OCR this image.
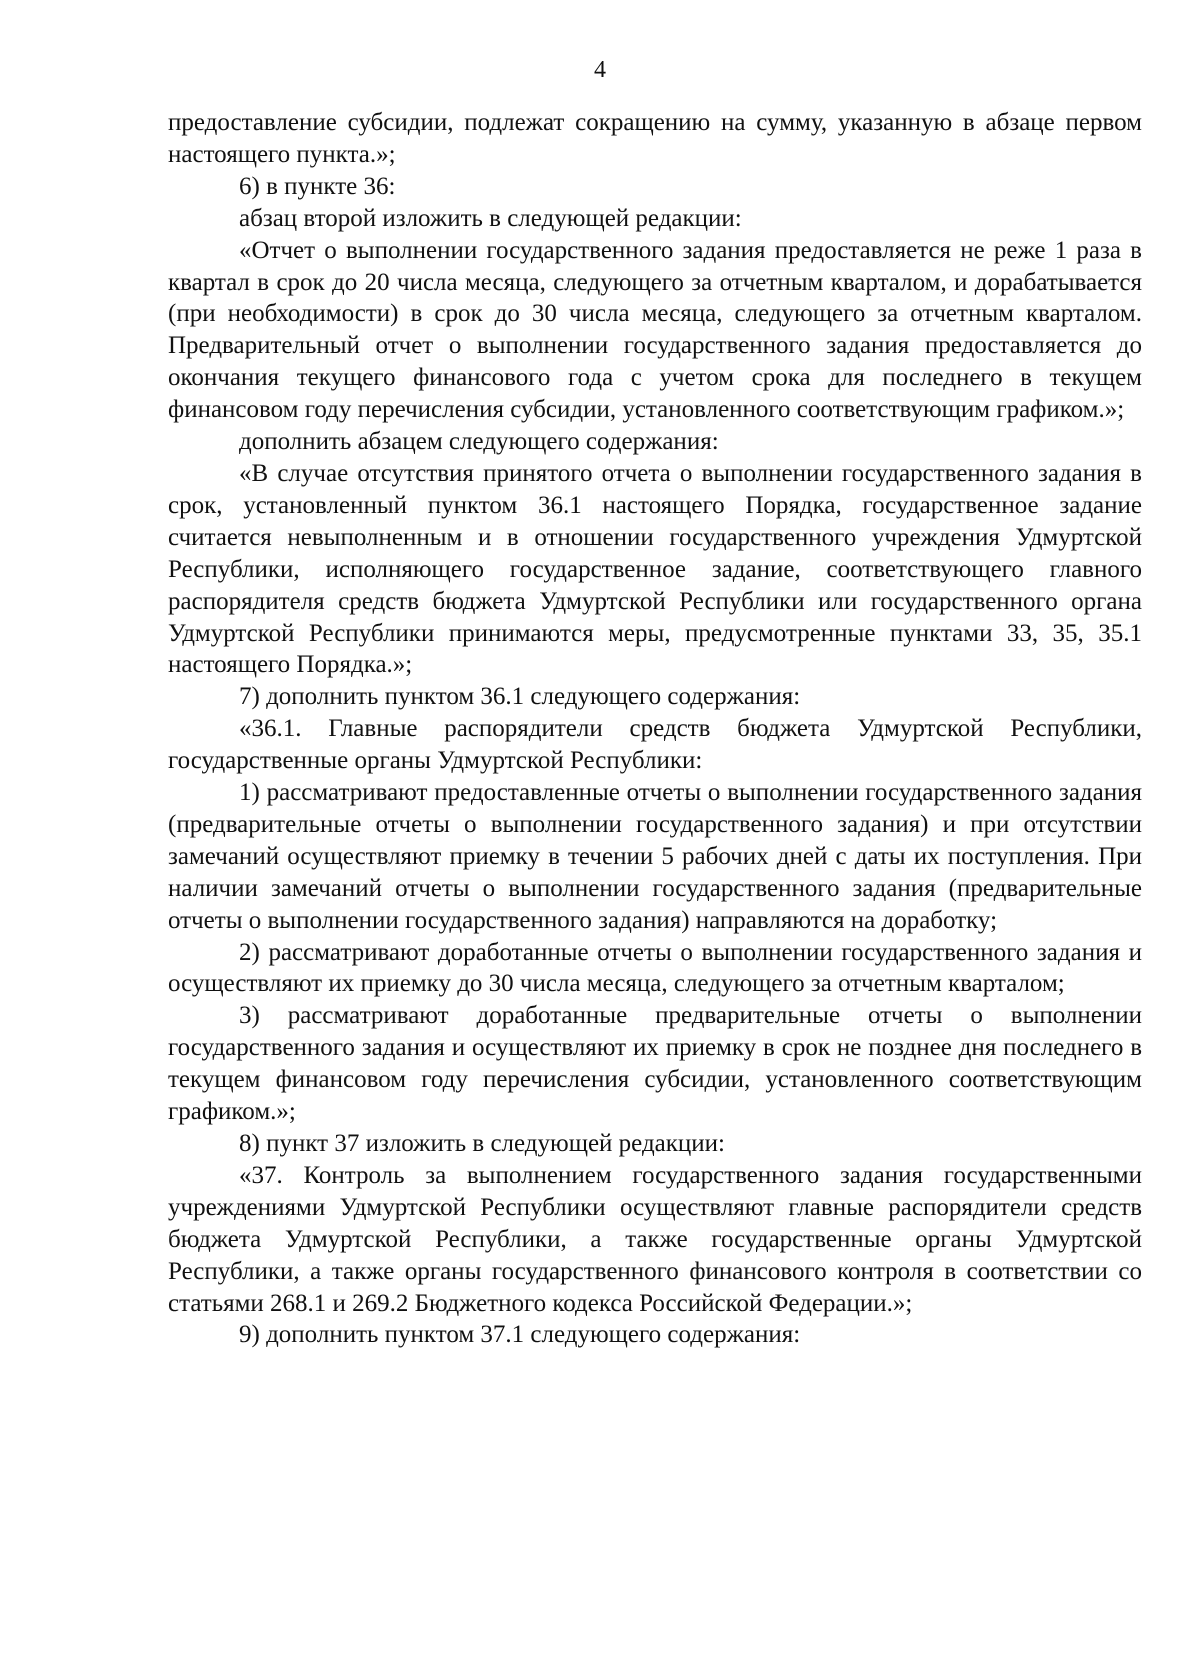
4

предоставление субсидии, подлежат сокращению на сумму, указанную в абзаце первом настоящего пункта.»;

6) в пункте 36:

абзац второй изложить в следующей редакции:

«Отчет о выполнении государственного задания предоставляется не реже 1 раза в квартал в срок до 20 числа месяца, следующего за отчетным кварталом, и дорабатывается (при необходимости) в срок до 30 числа месяца, следующего за отчетным кварталом. Предварительный отчет о выполнении государственного задания предоставляется до окончания текущего финансового года с учетом срока для последнего в текущем финансовом году перечисления субсидии, установленного соответствующим графиком.»;

дополнить абзацем следующего содержания:

«В случае отсутствия принятого отчета о выполнении государственного задания в срок, установленный пунктом 36.1 настоящего Порядка, государственное задание считается невыполненным и в отношении государственного учреждения Удмуртской Республики, исполняющего государственное задание, соответствующего главного распорядителя средств бюджета Удмуртской Республики или государственного органа Удмуртской Республики принимаются меры, предусмотренные пунктами 33, 35, 35.1 настоящего Порядка.»;

7) дополнить пунктом 36.1 следующего содержания:

«36.1. Главные распорядители средств бюджета Удмуртской Республики, государственные органы Удмуртской Республики:

1) рассматривают предоставленные отчеты о выполнении государственного задания (предварительные отчеты о выполнении государственного задания) и при отсутствии замечаний осуществляют приемку в течении 5 рабочих дней с даты их поступления. При наличии замечаний отчеты о выполнении государственного задания (предварительные отчеты о выполнении государственного задания) направляются на доработку;

2) рассматривают доработанные отчеты о выполнении государственного задания и осуществляют их приемку до 30 числа месяца, следующего за отчетным кварталом;

3) рассматривают доработанные предварительные отчеты о выполнении государственного задания и осуществляют их приемку в срок не позднее дня последнего в текущем финансовом году перечисления субсидии, установленного соответствующим графиком.»;

8) пункт 37 изложить в следующей редакции:

«37. Контроль за выполнением государственного задания государственными учреждениями Удмуртской Республики осуществляют главные распорядители средств бюджета Удмуртской Республики, а также государственные органы Удмуртской Республики, а также органы государственного финансового контроля в соответствии со статьями 268.1 и 269.2 Бюджетного кодекса Российской Федерации.»;

9) дополнить пунктом 37.1 следующего содержания:
